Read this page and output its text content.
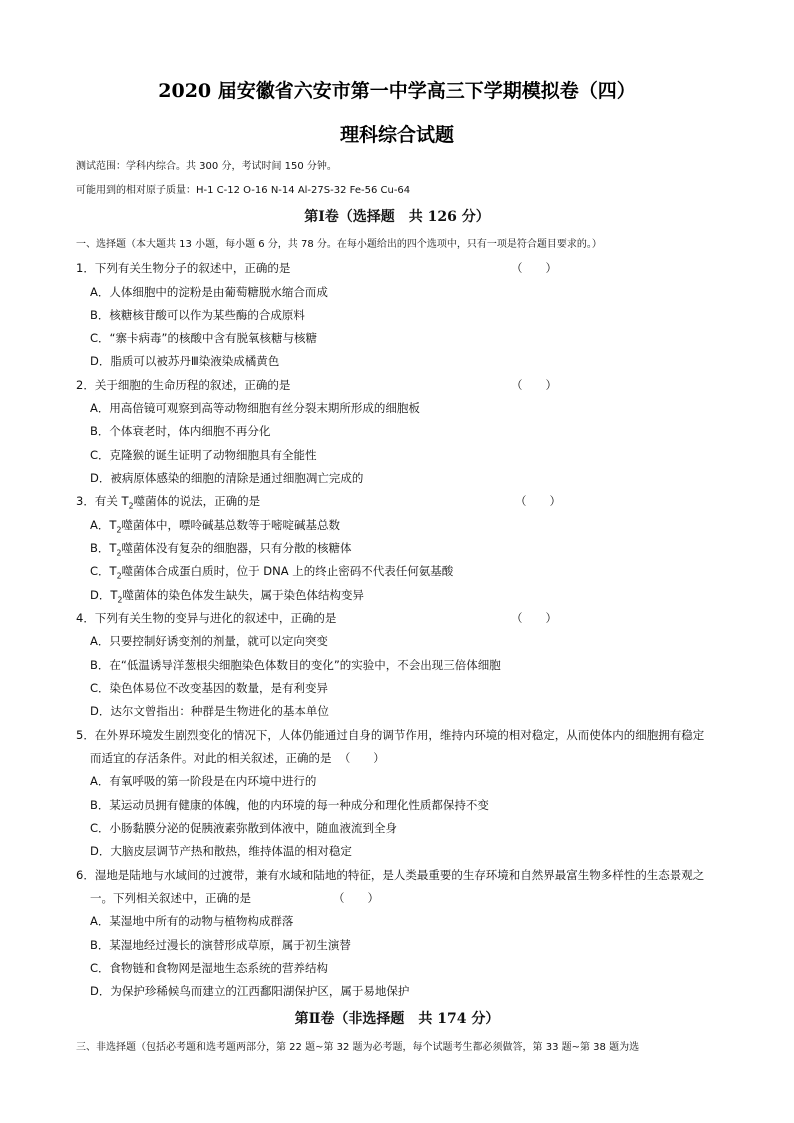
2020 届安徽省六安市第一中学高三下学期模拟卷（四）
理科综合试题
测试范围：学科内综合。共 300 分，考试时间 150 分钟。
可能用到的相对原子质量：H-1 C-12 O-16 N-14 Al-27S-32 Fe-56 Cu-64
第Ⅰ卷（选择题　共 126 分）
一、选择题（本大题共 13 小题，每小题 6 分，共 78 分。在每小题给出的四个选项中，只有一项是符合题目要求的。）
1．下列有关生物分子的叙述中，正确的是	（　　）
A．人体细胞中的淀粉是由葡萄糖脱水缩合而成
B．核糖核苷酸可以作为某些酶的合成原料
C．“寨卡病毒”的核酸中含有脱氧核糖与核糖
D．脂质可以被苏丹Ⅲ染液染成橘黄色
2．关于细胞的生命历程的叙述，正确的是	（　　）
A．用高倍镜可观察到高等动物细胞有丝分裂末期所形成的细胞板
B．个体衰老时，体内细胞不再分化
C．克隆猴的诞生证明了动物细胞具有全能性
D．被病原体感染的细胞的清除是通过细胞凋亡完成的
3．有关 $T_2$噬菌体的说法，正确的是	（　　）
A．$T_2$噬菌体中，嘌呤碱基总数等于嘧啶碱基总数
B．$T_2$噬菌体没有复杂的细胞器，只有分散的核糖体
C．$T_2$噬菌体合成蛋白质时，位于 DNA 上的终止密码不代表任何氨基酸
D．$T_2$噬菌体的染色体发生缺失，属于染色体结构变异
4．下列有关生物的变异与进化的叙述中，正确的是	（　　）
A．只要控制好诱变剂的剂量，就可以定向突变
B．在“低温诱导洋葱根尖细胞染色体数目的变化”的实验中，不会出现三倍体细胞
C．染色体易位不改变基因的数量，是有利变异
D．达尔文曾指出：种群是生物进化的基本单位
5．在外界环境发生剧烈变化的情况下，人体仍能通过自身的调节作用，维持内环境的相对稳定，从而使体内的细胞拥有稳定
而适宜的存活条件。对此的相关叙述，正确的是 （　　）
A．有氧呼吸的第一阶段是在内环境中进行的
B．某运动员拥有健康的体魄，他的内环境的每一种成分和理化性质都保持不变
C．小肠黏膜分泌的促胰液素弥散到体液中，随血液流到全身
D．大脑皮层调节产热和散热，维持体温的相对稳定
6．湿地是陆地与水域间的过渡带，兼有水域和陆地的特征，是人类最重要的生存环境和自然界最富生物多样性的生态景观之
一。下列相关叙述中，正确的是	（　　）
A．某湿地中所有的动物与植物构成群落
B．某湿地经过漫长的演替形成草原，属于初生演替
C．食物链和食物网是湿地生态系统的营养结构
D．为保护珍稀候鸟而建立的江西鄱阳湖保护区，属于易地保护
第Ⅱ卷（非选择题　共 174 分）
三、非选择题（包括必考题和选考题两部分，第 22 题~第 32 题为必考题，每个试题考生都必须做答，第 33 题~第 38 题为选
